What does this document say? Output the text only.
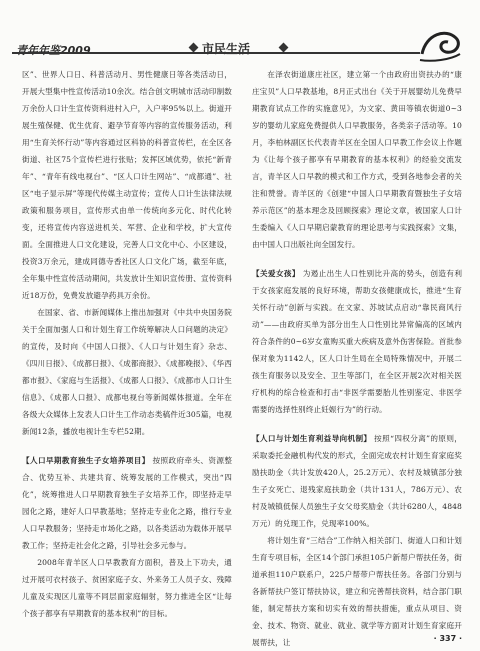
青年年鉴2009	市民生活

区”、世界人口日、科普活动月、男性健康日等各类活动日，开展大型集中性宣传活动10余次。结合创文明城市活动印制数万余份人口计生宣传资料进村入户，入户率95%以上。街道开展生殖保健、优生优育、避孕节育等内容的宣传服务活动，利用“生育关怀行动”等内容通过区科协的科普宣传栏，在全区各街道、社区75个宣传栏进行张贴；发挥区域优势，依托“新青年”、“青年有线电视台”、“区人口计生网站”、“成都通”、社区“电子显示屏”等现代传媒主动宣传；宣传人口计生法律法规政策和服务项目，宣传形式由单一传统向多元化、时代化转变，还将宣传内容送进机关、军营、企业和学校，扩大宣传面。全面推进人口文化建设，完善人口文化中心、小区建设，投资3万余元，建成同德寺香社区人口文化广场，截至年底，全年集中性宣传活动期间，共发放计生知识宣传册、宣传资料近18万份，免费发放避孕药具万余份。

在国家、省、市新闻媒体上推出加强对《中共中央国务院关于全面加强人口和计划生育工作统筹解决人口问题的决定》的宣传，及时向《中国人口报》、《人口与计划生育》杂志、《四川日报》、《成都日报》、《成都商报》、《成都晚报》、《华西都市报》、《家庭与生活报》、《成都人口报》、《成都市人口计生信息》、《成都人口报》、成都电视台等新闻媒体报道。全年在各级大众媒体上发表人口计生工作动态类稿件近305篇，电视新闻12条，播放电视计生专栏52期。

【人口早期教育独生子女培养项目】 按照政府牵头、资源整合、优势互补、共建共育、统筹发展的工作模式，突出“四化”，统筹推进人口早期教育独生子女培养工作，即坚持走早园化之路，建好人口早教基地；坚持走专业化之路，推行专业人口早教服务；坚持走市场化之路，以各类活动为载体开展早教工作；坚持走社会化之路，引导社会多元参与。

2008年青羊区人口早教教育方面积，普及上下功夫，通过开展可衣村孩子、贫困家庭子女、外来务工人员子女、残障儿童及实现区儿童等不同层面家庭辐射，努力推进全区“让每个孩子都享有早期教育的基本权利”的目标。

在泽农街道康庄社区，建立第一个由政府出资扶办的“康庄宝贝”人口早教基地，8月正式出台《关于开展婴幼儿免费早期教育试点工作的实施意见》，为文家、黄田等镇农街道0~3岁的婴幼儿家庭免费提供人口早教服务，各类亲子活动等。10月，李柏林副区长代表青羊区在全国人口早教工作会议上作题为《让每个孩子都享有早期教育的基本权利》的经验交流发言，青羊区人口早教的模式和工作方式，受到各地参会者的关注和赞誉。青羊区的《创建“中国人口早期教育暨独生子女培养示范区”的基本理念及回顾探索》理论文章，被国家人口计生委编入《人口早期启蒙教育的理论思考与实践探索》文集，由中国人口出版社向全国发行。

【关爱女孩】 为遏止出生人口性别比升高的势头，创造有利于女孩家庭发展的良好环境，帮助女孩健康成长，推进“生育关怀行动”创新与实践。在文家、苏坡试点启动“靠民商风行动”——由政府买单为部分出生人口性别比异常偏高的区域内符合条件的0~6岁女童购买重大疾病及意外伤害保险。首批参保对象为1142人，区人口计生局在全局特殊情况中，开展二孩生育服务以及安全、卫生等部门，在全区开展2次对相关医疗机构的综合检查和打击“非医学需要胎儿性别鉴定、非医学需要的选择性别终止妊娠行为”的行动。

【人口与计划生育利益导向机制】 按照“四权分离”的原则，采取委托金融机构代发的形式，全面完成农村计划生育家庭奖励扶助金（共计发放420人，25.2万元）、农村及城镇部分独生子女死亡、退残家庭扶助金（共计131人，786万元）、农村及城镇低保人员独生子女父母奖励金（共计6280人，4848万元）的兑现工作，兑现率100%。

将计划生育“三结合”工作纳入相关部门、街道人口和计划生育专项目标，全区14个部门承担105户新帮户帮扶任务，街道承担110户联系户，225户帮带户帮扶任务。各部门分别与各新帮扶户签订帮扶协议，建立和完善帮扶资料，结合部门职能，制定帮扶方案和切实有效的帮扶措施，重点从项目、资金、技术、物资、就业、就业、就学等方面对计划生育家庭开展帮扶，让	· 337 ·
